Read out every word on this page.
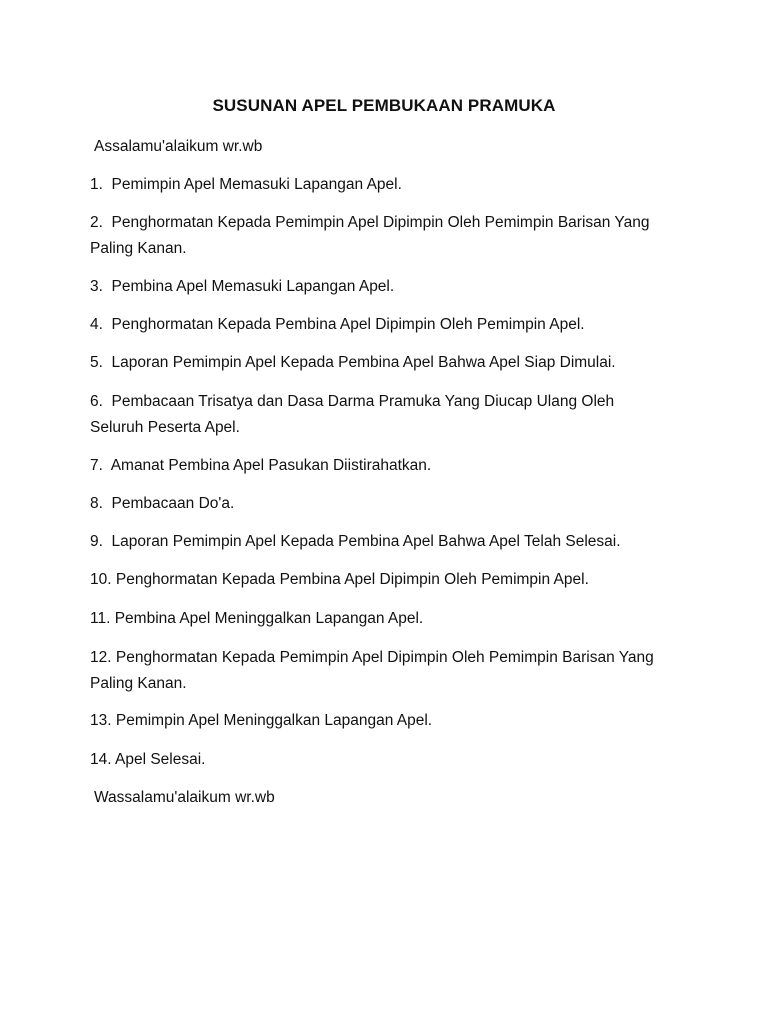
SUSUNAN APEL PEMBUKAAN PRAMUKA
Assalamu'alaikum wr.wb
1.  Pemimpin Apel Memasuki Lapangan Apel.
2.  Penghormatan Kepada Pemimpin Apel Dipimpin Oleh Pemimpin Barisan Yang Paling Kanan.
3.  Pembina Apel Memasuki Lapangan Apel.
4.  Penghormatan Kepada Pembina Apel Dipimpin Oleh Pemimpin Apel.
5.  Laporan Pemimpin Apel Kepada Pembina Apel Bahwa Apel Siap Dimulai.
6.  Pembacaan Trisatya dan Dasa Darma Pramuka Yang Diucap Ulang Oleh Seluruh Peserta Apel.
7.  Amanat Pembina Apel Pasukan Diistirahatkan.
8.  Pembacaan Do'a.
9.  Laporan Pemimpin Apel Kepada Pembina Apel Bahwa Apel Telah Selesai.
10. Penghormatan Kepada Pembina Apel Dipimpin Oleh Pemimpin Apel.
11. Pembina Apel Meninggalkan Lapangan Apel.
12. Penghormatan Kepada Pemimpin Apel Dipimpin Oleh Pemimpin Barisan Yang Paling Kanan.
13. Pemimpin Apel Meninggalkan Lapangan Apel.
14. Apel Selesai.
Wassalamu'alaikum wr.wb
